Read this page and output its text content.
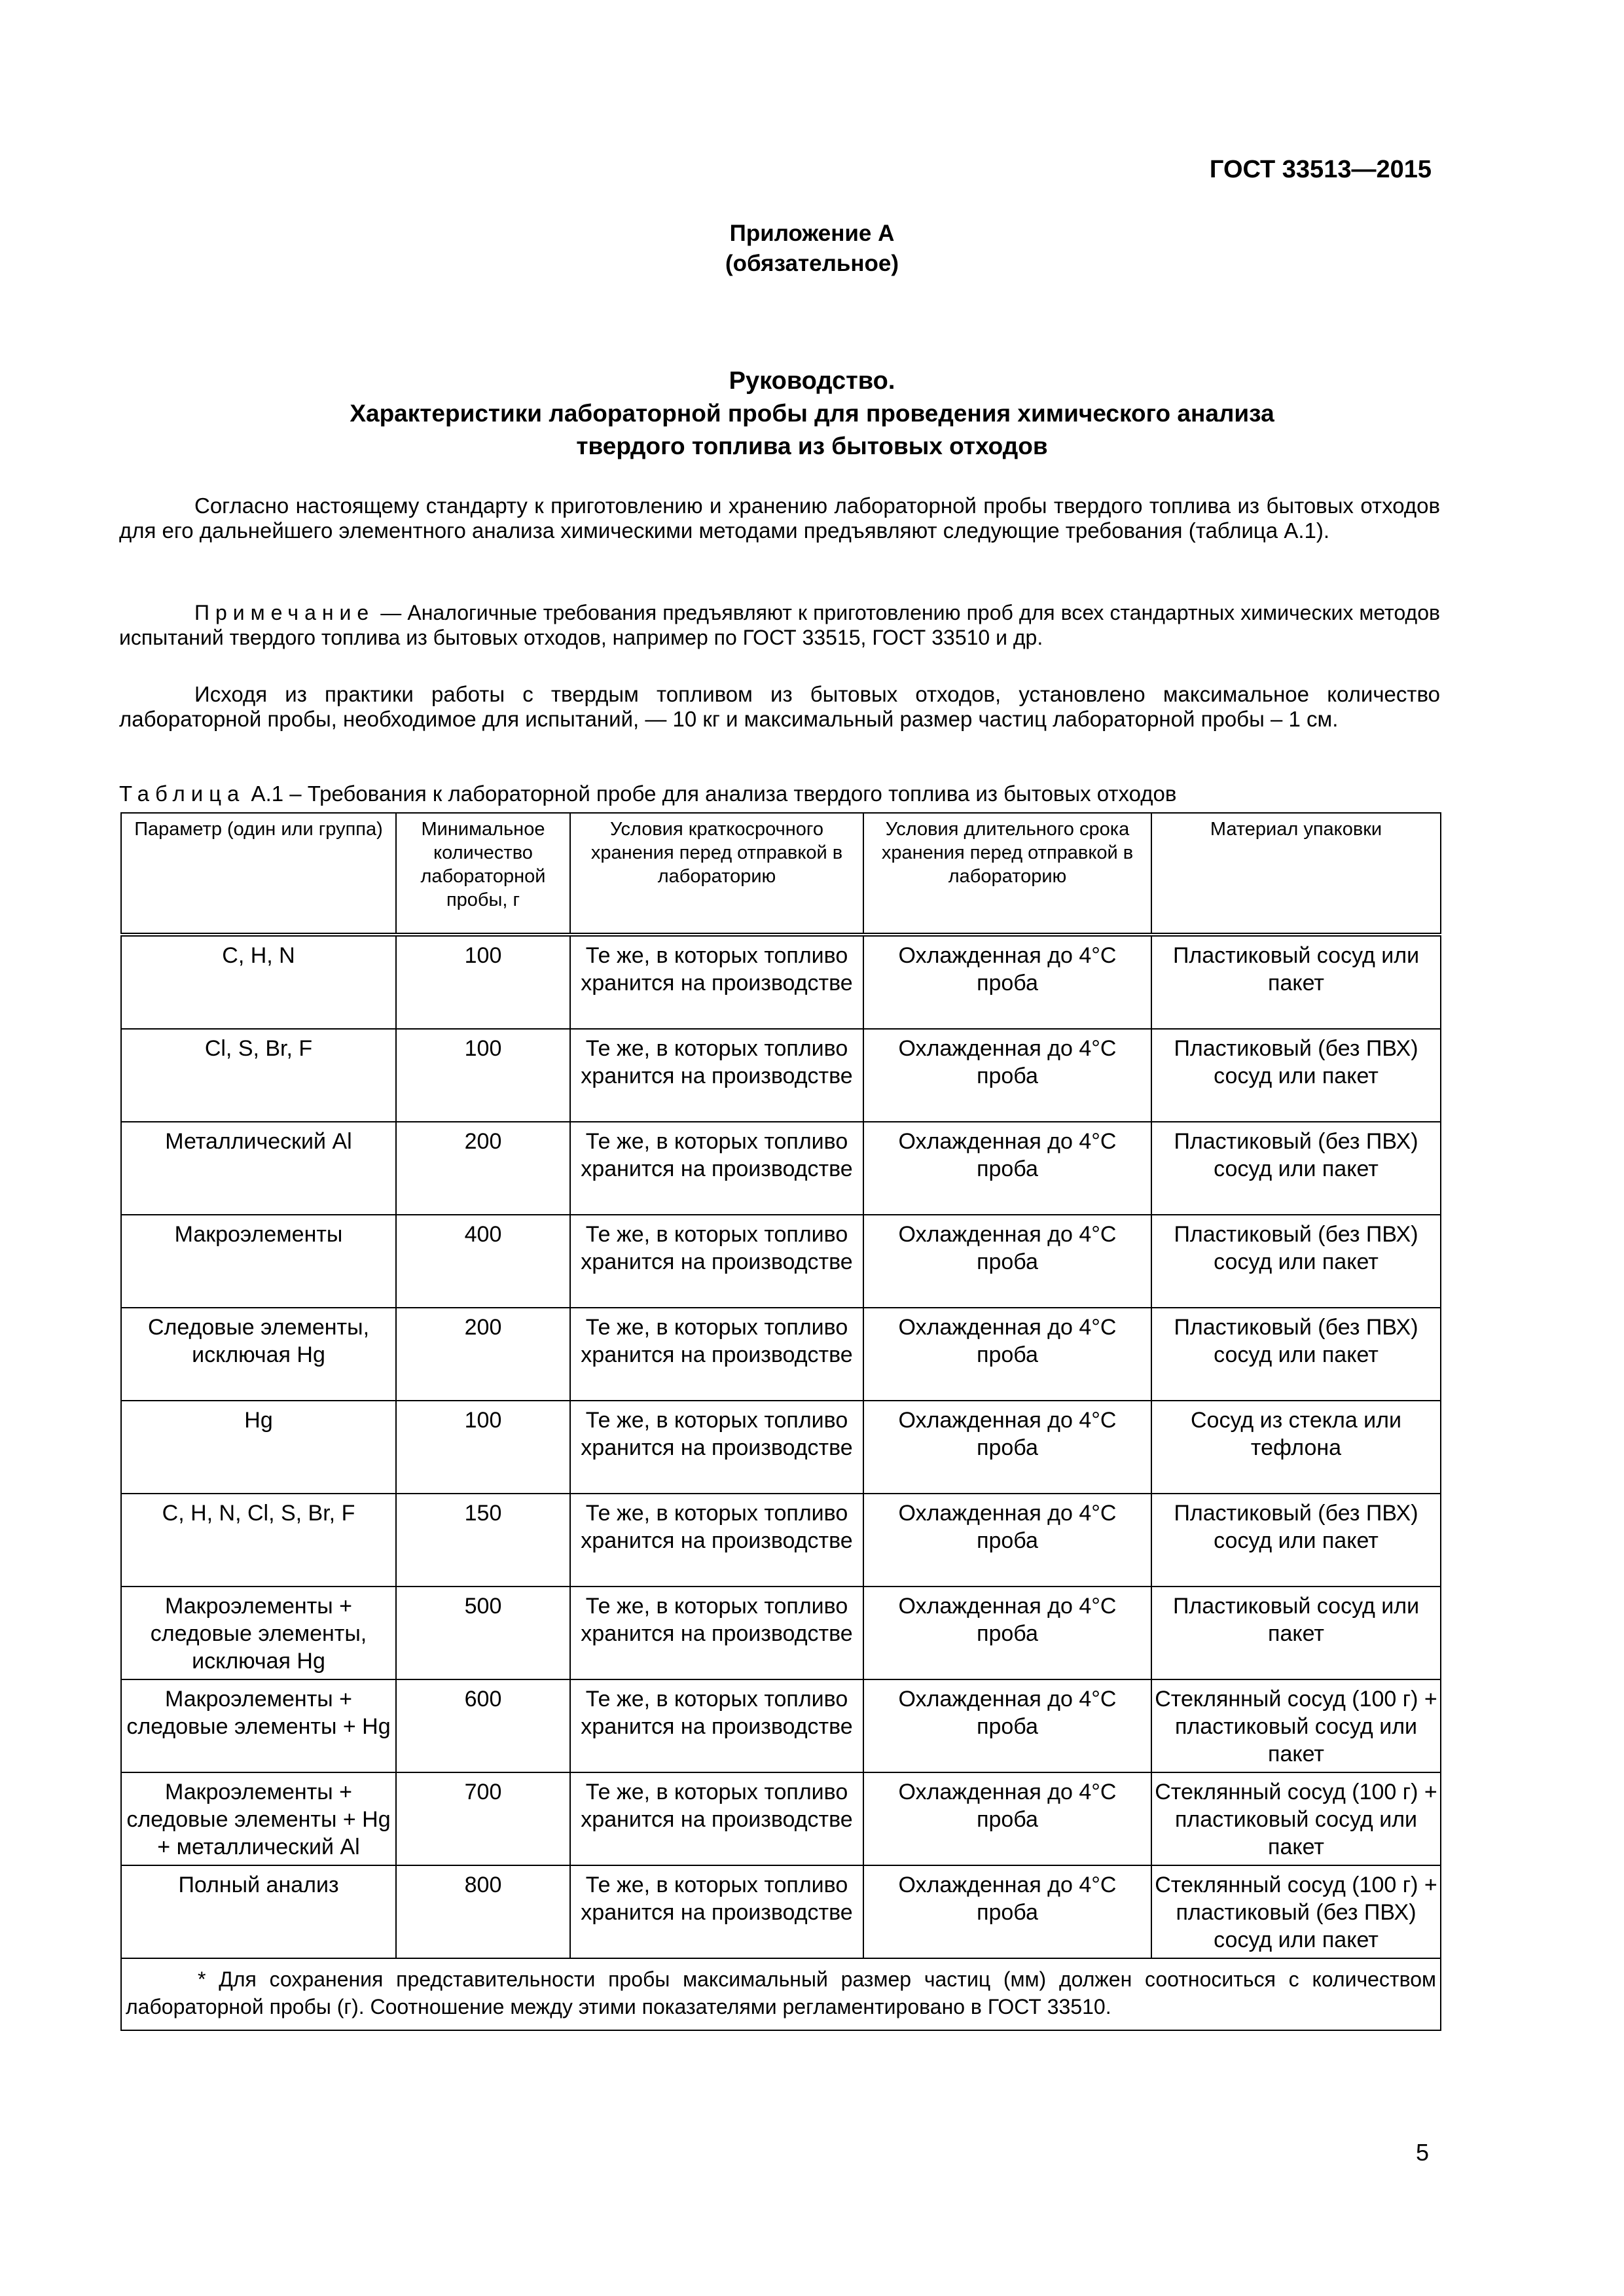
ГОСТ 33513—2015

Приложение А
(обязательное)
Руководство.
Характеристики лабораторной пробы для проведения химического анализа
твердого топлива из бытовых отходов

Согласно настоящему стандарту к приготовлению и хранению лабораторной пробы твердого топлива из бытовых отходов для его дальнейшего элементного анализа химическими методами предъявляют следующие требования (таблица А.1).

Примечание — Аналогичные требования предъявляют к приготовлению проб для всех стандартных химических методов испытаний твердого топлива из бытовых отходов, например по ГОСТ 33515, ГОСТ 33510 и др.

Исходя из практики работы с твердым топливом из бытовых отходов, установлено максимальное количество лабораторной пробы, необходимое для испытаний, — 10 кг и максимальный размер частиц лабораторной пробы – 1 см.

Таблица А.1 – Требования к лабораторной пробе для анализа твердого топлива из бытовых отходов

Параметр (один или группа)	Минимальное количество лабораторной пробы, г	Условия краткосрочного хранения перед отправкой в лабораторию	Условия длительного срока хранения перед отправкой в лабораторию	Материал упаковки
C, H, N	100	Те же, в которых топливо хранится на производстве	Охлажденная до 4°C проба	Пластиковый сосуд или пакет
Cl, S, Br, F	100	Те же, в которых топливо хранится на производстве	Охлажденная до 4°C проба	Пластиковый (без ПВХ) сосуд или пакет
Металлический Al	200	Те же, в которых топливо хранится на производстве	Охлажденная до 4°C проба	Пластиковый (без ПВХ) сосуд или пакет
Макроэлементы	400	Те же, в которых топливо хранится на производстве	Охлажденная до 4°C проба	Пластиковый (без ПВХ) сосуд или пакет
Следовые элементы, исключая Hg	200	Те же, в которых топливо хранится на производстве	Охлажденная до 4°C проба	Пластиковый (без ПВХ) сосуд или пакет
Hg	100	Те же, в которых топливо хранится на производстве	Охлажденная до 4°C проба	Сосуд из стекла или тефлона
C, H, N, Cl, S, Br, F	150	Те же, в которых топливо хранится на производстве	Охлажденная до 4°C проба	Пластиковый (без ПВХ) сосуд или пакет
Макроэлементы + следовые элементы, исключая Hg	500	Те же, в которых топливо хранится на производстве	Охлажденная до 4°C проба	Пластиковый сосуд или пакет
Макроэлементы + следовые элементы + Hg	600	Те же, в которых топливо хранится на производстве	Охлажденная до 4°C проба	Стеклянный сосуд (100 г) + пластиковый сосуд или пакет
Макроэлементы + следовые элементы + Hg + металлический Al	700	Те же, в которых топливо хранится на производстве	Охлажденная до 4°C проба	Стеклянный сосуд (100 г) + пластиковый сосуд или пакет
Полный анализ	800	Те же, в которых топливо хранится на производстве	Охлажденная до 4°C проба	Стеклянный сосуд (100 г) + пластиковый (без ПВХ) сосуд или пакет
* Для сохранения представительности пробы максимальный размер частиц (мм) должен соотноситься с количеством лабораторной пробы (г). Соотношение между этими показателями регламентировано в ГОСТ 33510.				

5
